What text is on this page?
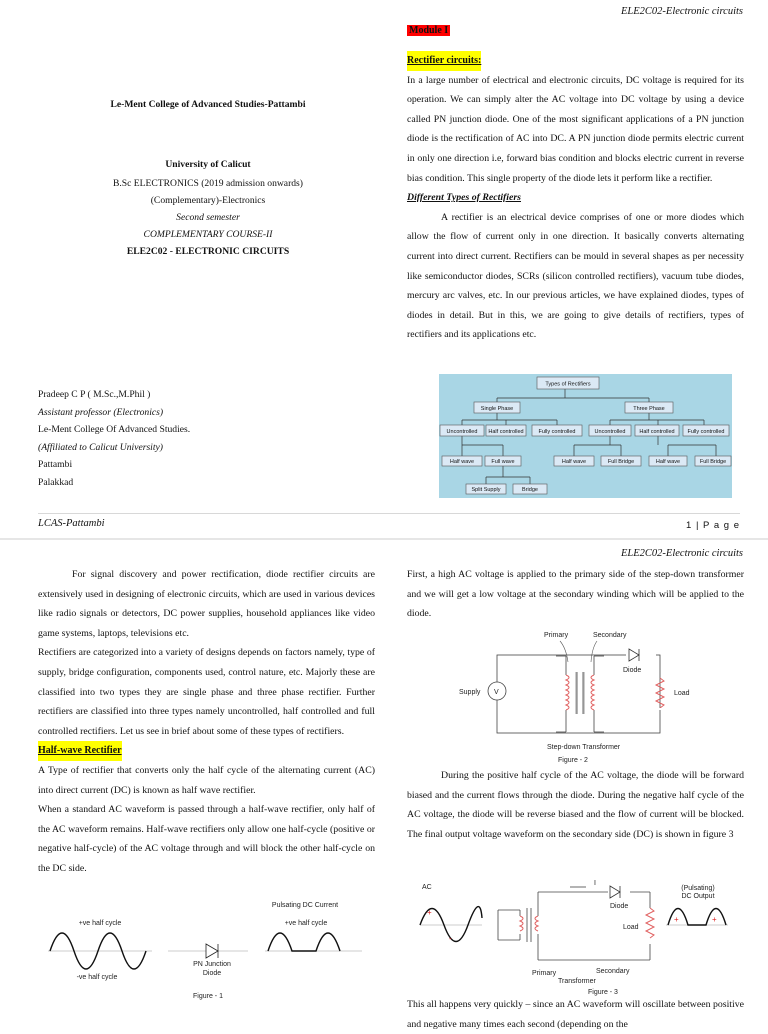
ELE2C02-Electronic circuits
Le-Ment College of Advanced Studies-Pattambi
University of Calicut
B.Sc ELECTRONICS (2019 admission onwards)
(Complementary)-Electronics
Second semester
COMPLEMENTARY COURSE-II
ELE2C02 - ELECTRONIC CIRCUITS
Pradeep C P ( M.Sc.,M.Phil )
Assistant professor (Electronics)
Le-Ment College Of Advanced Studies.
(Affiliated to Calicut University)
Pattambi
Palakkad
Module I
Rectifier circuits:

In a large number of electrical and electronic circuits, DC voltage is required for its operation. We can simply alter the AC voltage into DC voltage by using a device called PN junction diode. One of the most significant applications of a PN junction diode is the rectification of AC into DC. A PN junction diode permits electric current in only one direction i.e, forward bias condition and blocks electric current in reverse bias condition. This single property of the diode lets it perform like a rectifier.

Different Types of Rectifiers

A rectifier is an electrical device comprises of one or more diodes which allow the flow of current only in one direction. It basically converts alternating current into direct current. Rectifiers can be mould in several shapes as per necessity like semiconductor diodes, SCRs (silicon controlled rectifiers), vacuum tube diodes, mercury arc valves, etc. In our previous articles, we have explained diodes, types of diodes in detail. But in this, we are going to give details of rectifiers, types of rectifiers and its applications etc.

Types of Rectifiers
Single Phase	Three Phase
Uncontrolled Half controlled	Fully controlled	Uncontrolled	Half controlled Fully controlled
Half wave	Full wave	Half wave	Full Bridge	Half wave	Full Bridge
Split Supply	Bridge
LCAS-Pattambi	1 | P a g e
ELE2C02-Electronic circuits

For signal discovery and power rectification, diode rectifier circuits are extensively used in designing of electronic circuits, which are used in various devices like radio signals or detectors, DC power supplies, household appliances like video game systems, laptops, televisions etc.

Rectifiers are categorized into a variety of designs depends on factors namely, type of supply, bridge configuration, components used, control nature, etc. Majorly these are classified into two types they are single phase and three phase rectifier. Further rectifiers are classified into three types namely uncontrolled, half controlled and full controlled rectifiers. Let us see in brief about some of these types of rectifiers.

Half-wave Rectifier

A Type of rectifier that converts only the half cycle of the alternating current (AC) into direct current (DC) is known as half wave rectifier.

When a standard AC waveform is passed through a half-wave rectifier, only half of the AC waveform remains. Half-wave rectifiers only allow one half-cycle (positive or negative half-cycle) of the AC voltage through and will block the other half-cycle on the DC side.

Pulsating DC Current
+ve half cycle
-ve half cycle
+ve half cycle
PN Junction
Diode
Figure - 1

First, a high AC voltage is applied to the primary side of the step-down transformer and we will get a low voltage at the secondary winding which will be applied to the diode.

Primary	Secondary
Diode
Supply V	Load
Step-down Transformer
Figure - 2

During the positive half cycle of the AC voltage, the diode will be forward biased and the current flows through the diode. During the negative half cycle of the AC voltage, the diode will be reverse biased and the flow of current will be blocked. The final output voltage waveform on the secondary side (DC) is shown in figure 3

AC
I
Diode
Load
(Pulsating)
DC Output
Primary	Secondary
Transformer
Figure - 3
+
-
+	+

This all happens very quickly – since an AC waveform will oscillate between positive and negative many times each second (depending on the
